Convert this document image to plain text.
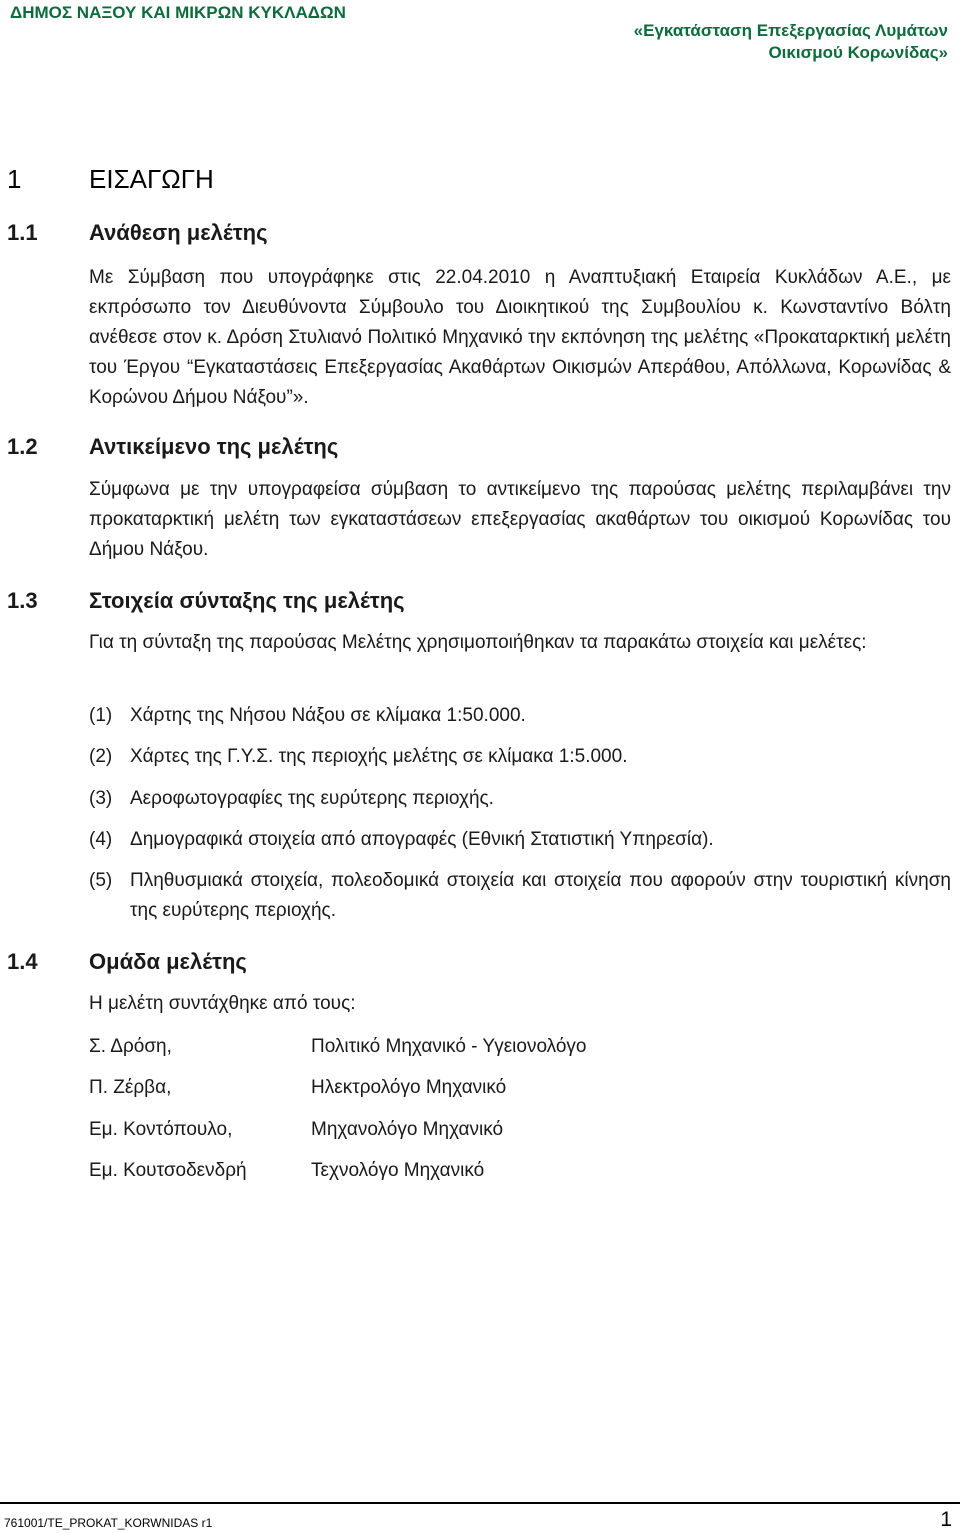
ΔΗΜΟΣ ΝΑΞΟΥ ΚΑΙ ΜΙΚΡΩΝ ΚΥΚΛΑΔΩΝ
«Εγκατάσταση Επεξεργασίας Λυμάτων
Οικισμού Κορωνίδας»
1	ΕΙΣΑΓΩΓΗ
1.1 Ανάθεση μελέτης
Με Σύμβαση που υπογράφηκε στις 22.04.2010 η Αναπτυξιακή Εταιρεία Κυκλάδων Α.Ε., με εκπρόσωπο τον Διευθύνοντα Σύμβουλο του Διοικητικού της Συμβουλίου κ. Κωνσταντίνο Βόλτη ανέθεσε στον κ. Δρόση Στυλιανό Πολιτικό Μηχανικό την εκπόνηση της μελέτης «Προκαταρκτική μελέτη του Έργου “Εγκαταστάσεις Επεξεργασίας Ακαθάρτων Οικισμών Απεράθου, Απόλλωνα, Κορωνίδας & Κορώνου Δήμου Νάξου”».
1.2 Αντικείμενο της μελέτης
Σύμφωνα με την υπογραφείσα σύμβαση το αντικείμενο της παρούσας μελέτης περιλαμβάνει την προκαταρκτική μελέτη των εγκαταστάσεων επεξεργασίας ακαθάρτων του οικισμού Κορωνίδας του Δήμου Νάξου.
1.3 Στοιχεία σύνταξης της μελέτης
Για τη σύνταξη της παρούσας Μελέτης χρησιμοποιήθηκαν τα παρακάτω στοιχεία και μελέτες:
(1) Χάρτης της Νήσου Νάξου σε κλίμακα 1:50.000.
(2) Χάρτες της Γ.Υ.Σ. της περιοχής μελέτης σε κλίμακα 1:5.000.
(3) Αεροφωτογραφίες της ευρύτερης περιοχής.
(4) Δημογραφικά στοιχεία από απογραφές (Εθνική Στατιστική Υπηρεσία).
(5) Πληθυσμιακά στοιχεία, πολεοδομικά στοιχεία και στοιχεία που αφορούν στην τουριστική κίνηση της ευρύτερης περιοχής.
1.4 Ομάδα μελέτης
Η μελέτη συντάχθηκε από τους:
Σ. Δρόση,	Πολιτικό Μηχανικό - Υγειονολόγο
Π. Ζέρβα,	Ηλεκτρολόγο Μηχανικό
Εμ. Κοντόπουλο,	Μηχανολόγο Μηχανικό
Εμ. Κουτσοδενδρή	Τεχνολόγο Μηχανικό
761001/TE_PROKAT_KORWNIDAS r1	1
